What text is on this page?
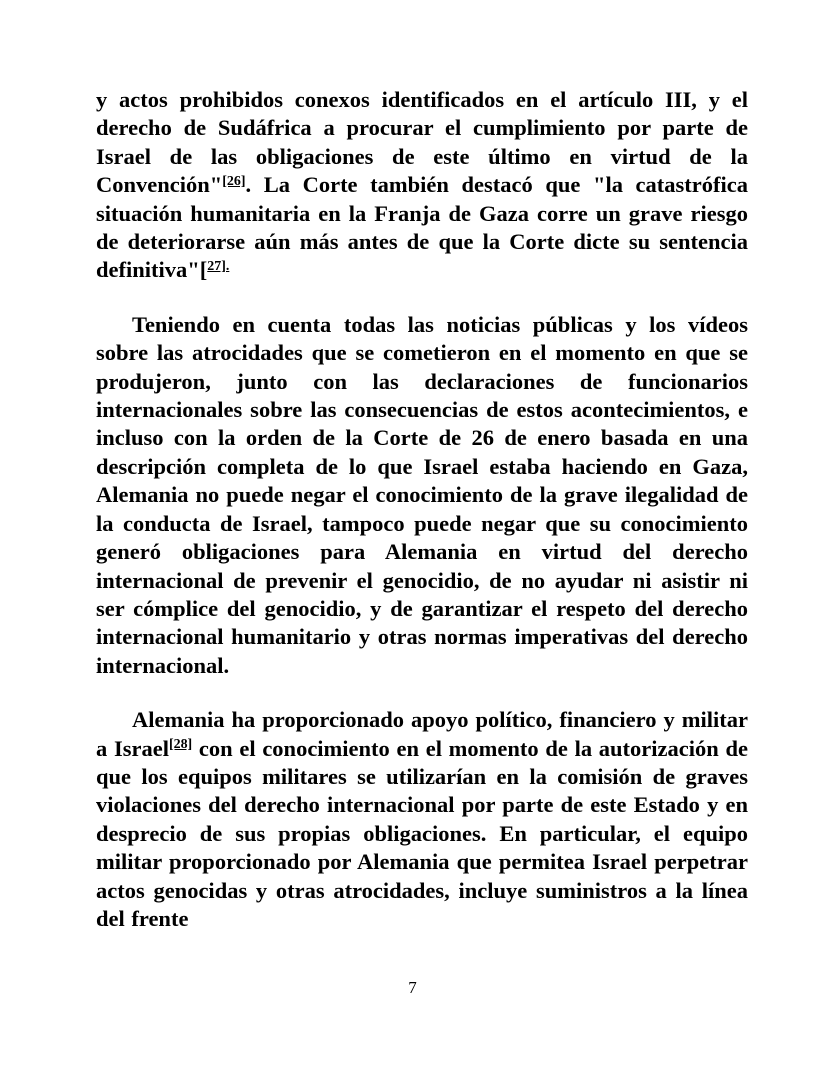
y actos prohibidos conexos identificados en el artículo III, y el derecho de Sudáfrica a procurar el cumplimiento por parte de Israel de las obligaciones de este último en virtud de la Convención"[26]. La Corte también destacó que "la catastrófica situación humanitaria en la Franja de Gaza corre un grave riesgo de deteriorarse aún más antes de que la Corte dicte su sentencia definitiva"[$^{27].}$

Teniendo en cuenta todas las noticias públicas y los vídeos sobre las atrocidades que se cometieron en el momento en que se produjeron, junto con las declaraciones de funcionarios internacionales sobre las consecuencias de estos acontecimientos, e incluso con la orden de la Corte de 26 de enero basada en una descripción completa de lo que Israel estaba haciendo en Gaza, Alemania no puede negar el conocimiento de la grave ilegalidad de la conducta de Israel, tampoco puede negar que su conocimiento generó obligaciones para Alemania en virtud del derecho internacional de prevenir el genocidio, de no ayudar ni asistir ni ser cómplice del genocidio, y de garantizar el respeto del derecho internacional humanitario y otras normas imperativas del derecho internacional.

Alemania ha proporcionado apoyo político, financiero y militar a Israel[28] con el conocimiento en el momento de la autorización de que los equipos militares se utilizarían en la comisión de graves violaciones del derecho internacional por parte de este Estado y en desprecio de sus propias obligaciones. En particular, el equipo militar proporcionado por Alemania que permitea Israel perpetrar actos genocidas y otras atrocidades, incluye suministros a la línea del frente

7
